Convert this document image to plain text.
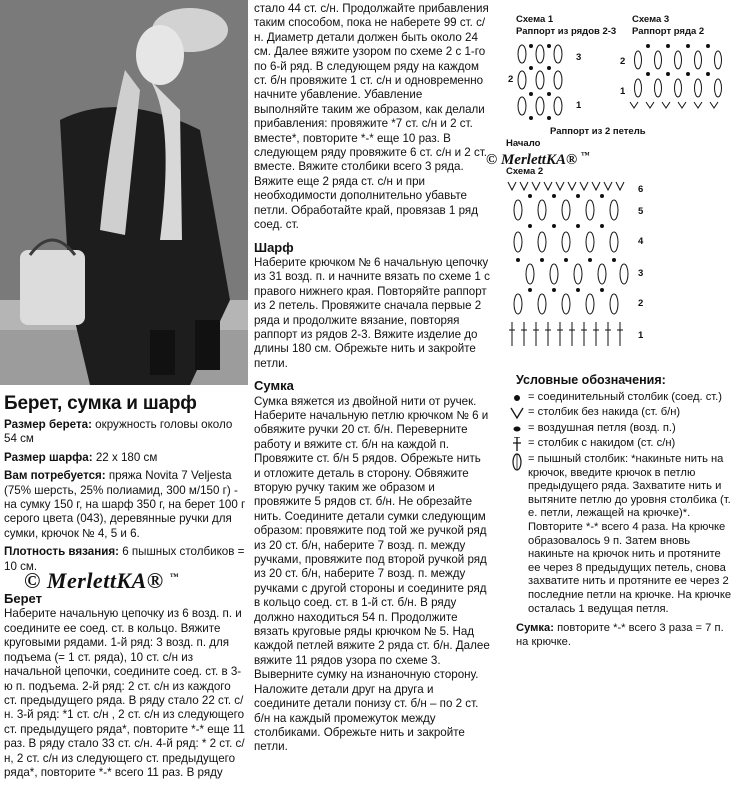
Берет, сумка и шарф

Размер берета: окружность головы около 54 см

Размер шарфа: 22 х 180 см

Вам потребуется: пряжа Novita 7 Veljesta (75% шерсть, 25% полиамид, 300 м/150 г) - на сумку 150 г, на шарф 350 г, на берет 100 г серого цвета (043), деревянные ручки для сумки, крючок № 4, 5 и 6.

Плотность вязания: 6 пышных столбиков = 10 см.

Берет

Наберите начальную цепочку из 6 возд. п. и соедините ее соед. ст. в кольцо. Вяжите круговыми рядами. 1-й ряд: 3 возд. п. для подъема (= 1 ст. ряда), 10 ст. с/н из начальной цепочки, соедините соед. ст. в 3-ю п. подъема. 2-й ряд: 2 ст. с/н из каждого ст. предыдущего ряда. В ряду стало 22 ст. с/н. 3-й ряд: *1 ст. с/н , 2 ст. с/н из следующего ст. предыдущего ряда*, повторите *-* еще 11 раз. В ряду стало 33 ст. с/н. 4-й ряд: * 2 ст. с/н, 2 ст. с/н из следующего ст. предыдущего ряда*, повторите *-* всего 11 раз. В ряду

© MerlettKA® ™

стало 44 ст. с/н. Продолжайте прибавления таким способом, пока не наберете 99 ст. с/н. Диаметр детали должен быть около 24 см. Далее вяжите узором по схеме 2 с 1-го по 6-й ряд. В следующем ряду на каждом ст. б/н провяжите 1 ст. с/н и одновременно начните убавление. Убавление выполняйте таким же образом, как делали прибавления: провяжите *7 ст. с/н и 2 ст. вместе*, повторите *-* еще 10 раз. В следующем ряду провяжите 6 ст. с/н и 2 ст. вместе. Вяжите столбики всего 3 ряда. Вяжите еще 2 ряда ст. с/н и при необходимости дополнительно убавьте петли. Обработайте край, провязав 1 ряд соед. ст.

Шарф

Наберите крючком № 6 начальную цепочку из 31 возд. п. и начните вязать по схеме 1 с правого нижнего края. Повторяйте раппорт из 2 петель. Провяжите сначала первые 2 ряда и продолжите вязание, повторяя раппорт из рядов 2-3. Вяжите изделие до длины 180 см. Обрежьте нить и закройте петли.

Сумка

Сумка вяжется из двойной нити от ручек. Наберите начальную петлю крючком № 6 и обвяжите ручки 20 ст. б/н. Переверните работу и вяжите ст. б/н на каждой п. Провяжите ст. б/н 5 рядов. Обрежьте нить и отложите деталь в сторону. Обвяжите вторую ручку таким же образом и провяжите 5 рядов ст. б/н. Не обрезайте нить. Соедините детали сумки следующим образом: провяжите под той же ручкой ряд из 20 ст. б/н, наберите 7 возд. п. между ручками, провяжите под второй ручкой ряд из 20 ст. б/н, наберите 7 возд. п. между ручками с другой стороны и соедините ряд в кольцо соед. ст. в 1-й ст. б/н. В ряду должно находиться 54 п. Продолжите вязать круговые ряды крючком № 5. Над каждой петлей вяжите 2 ряда ст. б/н. Далее вяжите 11 рядов узора по схеме 3. Выверните сумку на изнаночную сторону. Наложите детали друг на друга и соедините детали понизу ст. б/н – по 2 ст. б/н на каждый промежуток между столбиками. Обрежьте нить и закройте петли.

Схема 1
Раппорт из рядов 2-3
3
2
1
Начало
Раппорт из 2 петель
Схема 3
Раппорт ряда 2
2
1
© MerlettKA® ™
Схема 2
6
5
4
3
2
1
Условные обозначения:
= соединительный столбик (соед. ст.)
= столбик без накида (ст. б/н)
= воздушная петля (возд. п.)
= столбик с накидом (ст. с/н)
= пышный столбик: *накиньте нить на крючок, введите крючок в петлю предыдущего ряда. Захватите нить и вытяните петлю до уровня столбика (т. е. петли, лежащей на крючке)*. Повторите *-* всего 4 раза. На крючке образовалось 9 п. Затем вновь накиньте на крючок нить и протяните ее через 8 предыдущих петель, снова захватите нить и протяните ее через 2 последние петли на крючке. На крючке осталась 1 ведущая петля.
Сумка: повторите *-* всего 3 раза = 7 п. на крючке.
